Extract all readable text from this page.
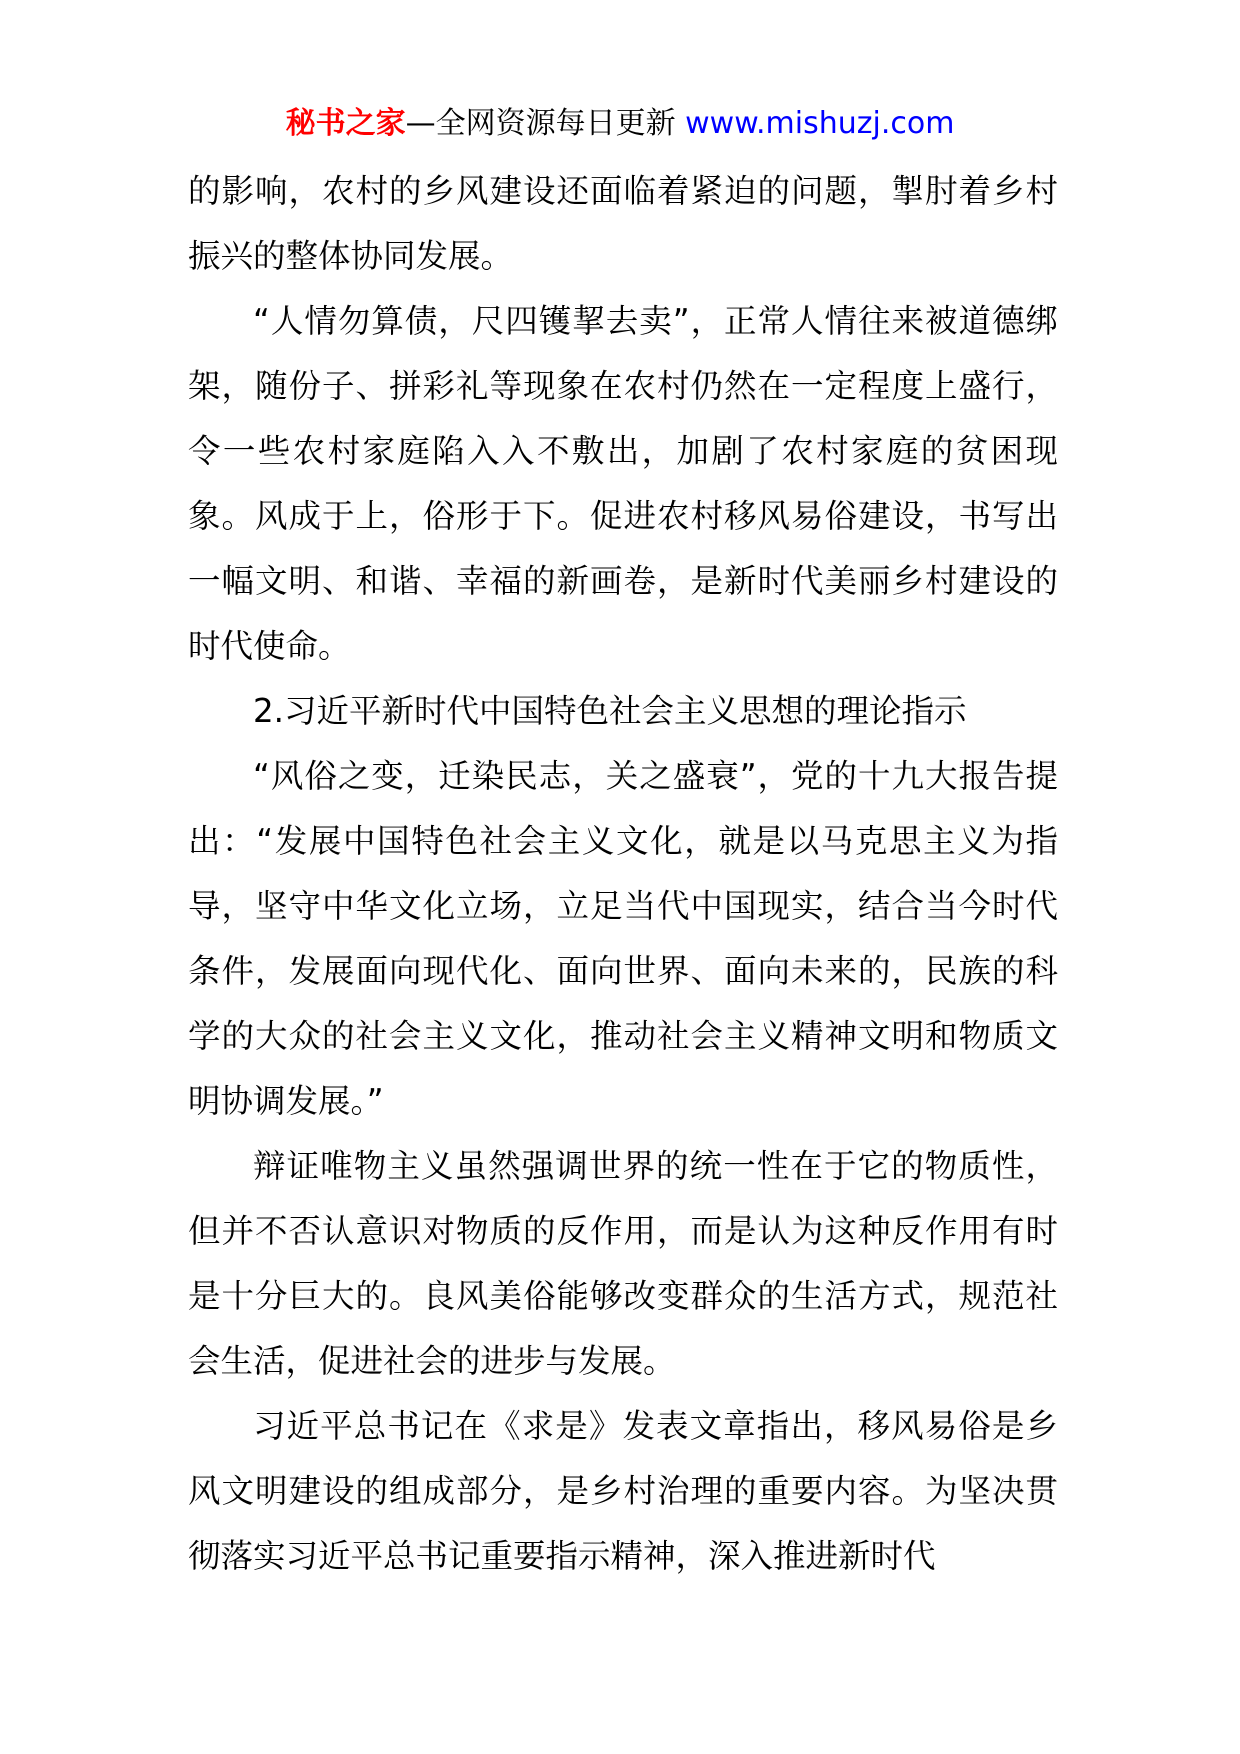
秘书之家—全网资源每日更新 www.mishuzj.com

的影响，农村的乡风建设还面临着紧迫的问题，掣肘着乡村振兴的整体协同发展。

“人情勿算债，尺四镬挈去卖”，正常人情往来被道德绑架，随份子、拼彩礼等现象在农村仍然在一定程度上盛行，令一些农村家庭陷入入不敷出，加剧了农村家庭的贫困现象。风成于上，俗形于下。促进农村移风易俗建设，书写出一幅文明、和谐、幸福的新画卷，是新时代美丽乡村建设的时代使命。

2.习近平新时代中国特色社会主义思想的理论指示

“风俗之变，迁染民志，关之盛衰”，党的十九大报告提出：“发展中国特色社会主义文化，就是以马克思主义为指导，坚守中华文化立场，立足当代中国现实，结合当今时代条件，发展面向现代化、面向世界、面向未来的，民族的科学的大众的社会主义文化，推动社会主义精神文明和物质文明协调发展。”

辩证唯物主义虽然强调世界的统一性在于它的物质性，但并不否认意识对物质的反作用，而是认为这种反作用有时是十分巨大的。良风美俗能够改变群众的生活方式，规范社会生活，促进社会的进步与发展。

习近平总书记在《求是》发表文章指出，移风易俗是乡风文明建设的组成部分，是乡村治理的重要内容。为坚决贯彻落实习近平总书记重要指示精神，深入推进新时代
